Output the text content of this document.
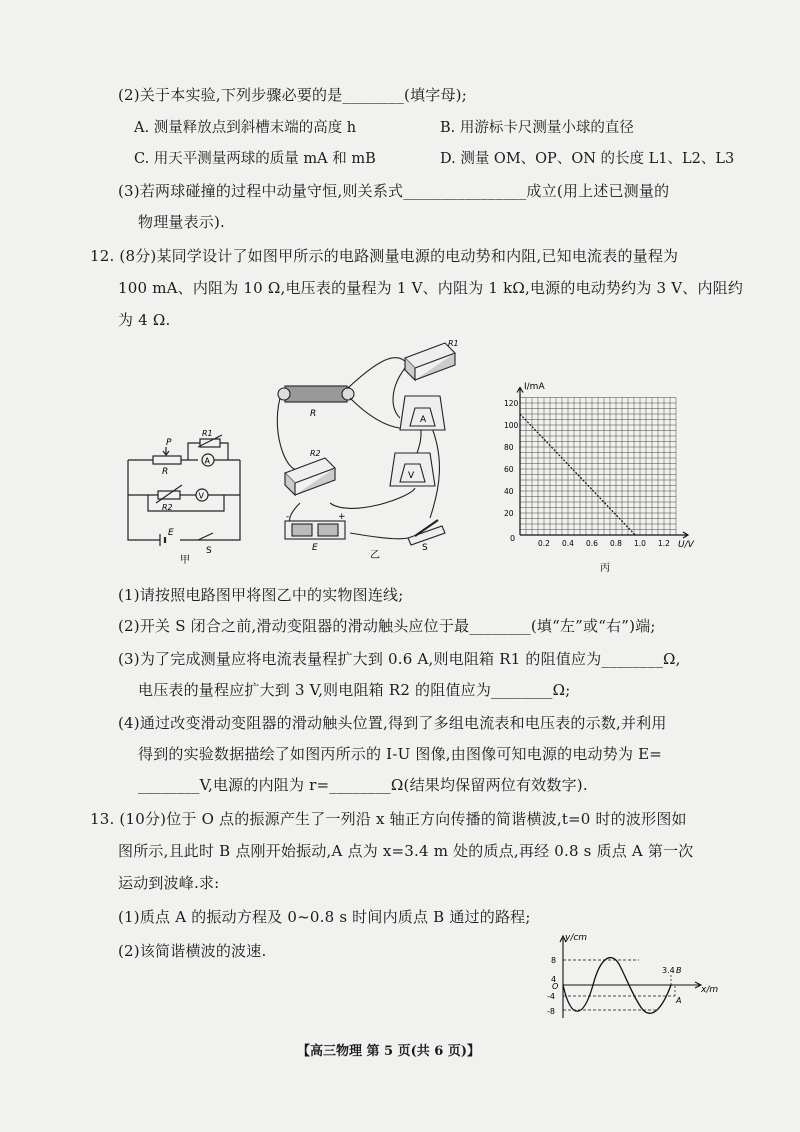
(2)关于本实验,下列步骤必要的是________(填字母);
A. 测量释放点到斜槽末端的高度 h	B. 用游标卡尺测量小球的直径
C. 用天平测量两球的质量 mA 和 mB	D. 测量 OM、OP、ON 的长度 L1、L2、L3
(3)若两球碰撞的过程中动量守恒,则关系式________________成立(用上述已测量的
物理量表示).
12. (8分)某同学设计了如图甲所示的电路测量电源的电动势和内阻,已知电流表的量程为
100 mA、内阻为 10 Ω,电压表的量程为 1 V、内阻为 1 kΩ,电源的电动势约为 3 V、内阻约
为 4 Ω.
P
R
R1
A
V
R2
E
S
甲
R
R1
A
R2
V
-	+
E	S
乙
0.2 0.4 0.6 0.8 1.0 1.2
20
40
60
80
100
120
I/mA
U/V
0
丙
(1)请按照电路图甲将图乙中的实物图连线;
(2)开关 S 闭合之前,滑动变阻器的滑动触头应位于最________(填“左”或“右”)端;
(3)为了完成测量应将电流表量程扩大到 0.6 A,则电阻箱 R1 的阻值应为________Ω,
电压表的量程应扩大到 3 V,则电阻箱 R2 的阻值应为________Ω;
(4)通过改变滑动变阻器的滑动触头位置,得到了多组电流表和电压表的示数,并利用
得到的实验数据描绘了如图丙所示的 I-U 图像,由图像可知电源的电动势为 E=
________V,电源的内阻为 r=________Ω(结果均保留两位有效数字).
13. (10分)位于 O 点的振源产生了一列沿 x 轴正方向传播的简谐横波,t=0 时的波形图如
图所示,且此时 B 点刚开始振动,A 点为 x=3.4 m 处的质点,再经 0.8 s 质点 A 第一次
运动到波峰.求:
(1)质点 A 的振动方程及 0~0.8 s 时间内质点 B 通过的路程;
(2)该简谐横波的波速.
y/cm
x/m
8
4
-4
-8
O
3.4 B
A
【高三物理 第 5 页(共 6 页)】
